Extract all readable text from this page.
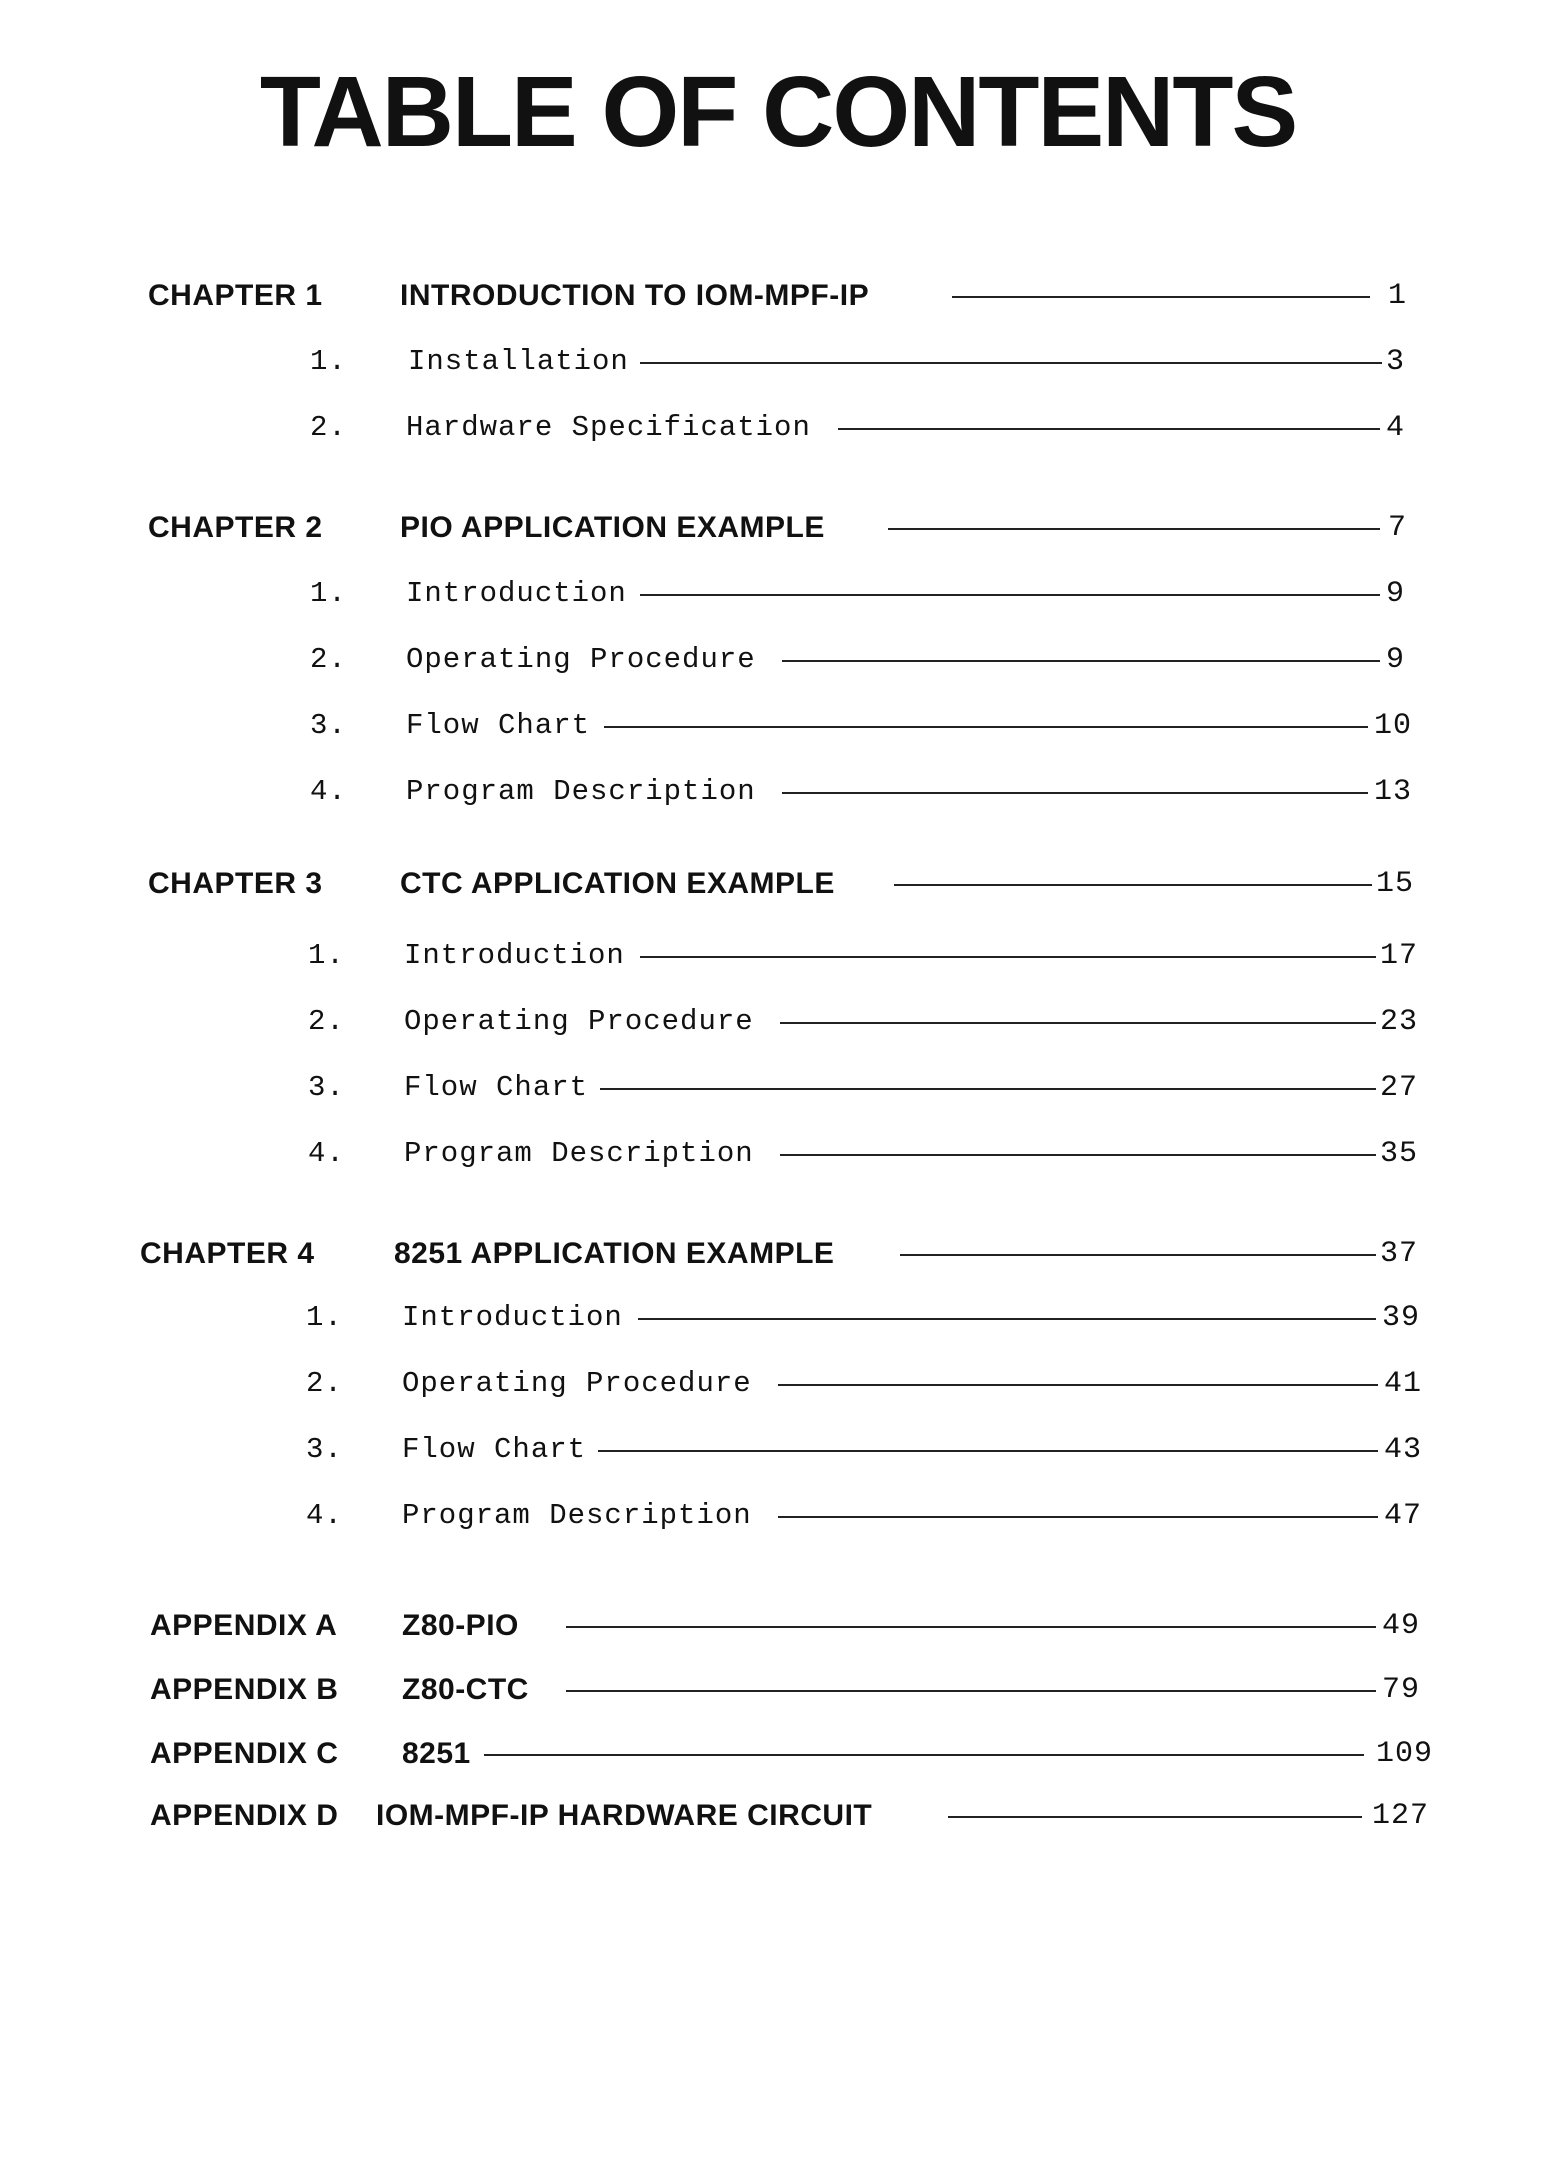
TABLE OF CONTENTS
CHAPTER 1	INTRODUCTION TO IOM-MPF-IP	1
1. Installation	3
2. Hardware Specification	4
CHAPTER 2	PIO APPLICATION EXAMPLE	7
1. Introduction	9
2. Operating Procedure	9
3. Flow Chart	10
4. Program Description	13
CHAPTER 3	CTC APPLICATION EXAMPLE	15
1. Introduction	17
2. Operating Procedure	23
3. Flow Chart	27
4. Program Description	35
CHAPTER 4	8251 APPLICATION EXAMPLE	37
1. Introduction	39
2. Operating Procedure	41
3. Flow Chart	43
4. Program Description	47
APPENDIX A Z80-PIO	49
APPENDIX B Z80-CTC	79
APPENDIX C 8251	109
APPENDIX D IOM-MPF-IP HARDWARE CIRCUIT	127
